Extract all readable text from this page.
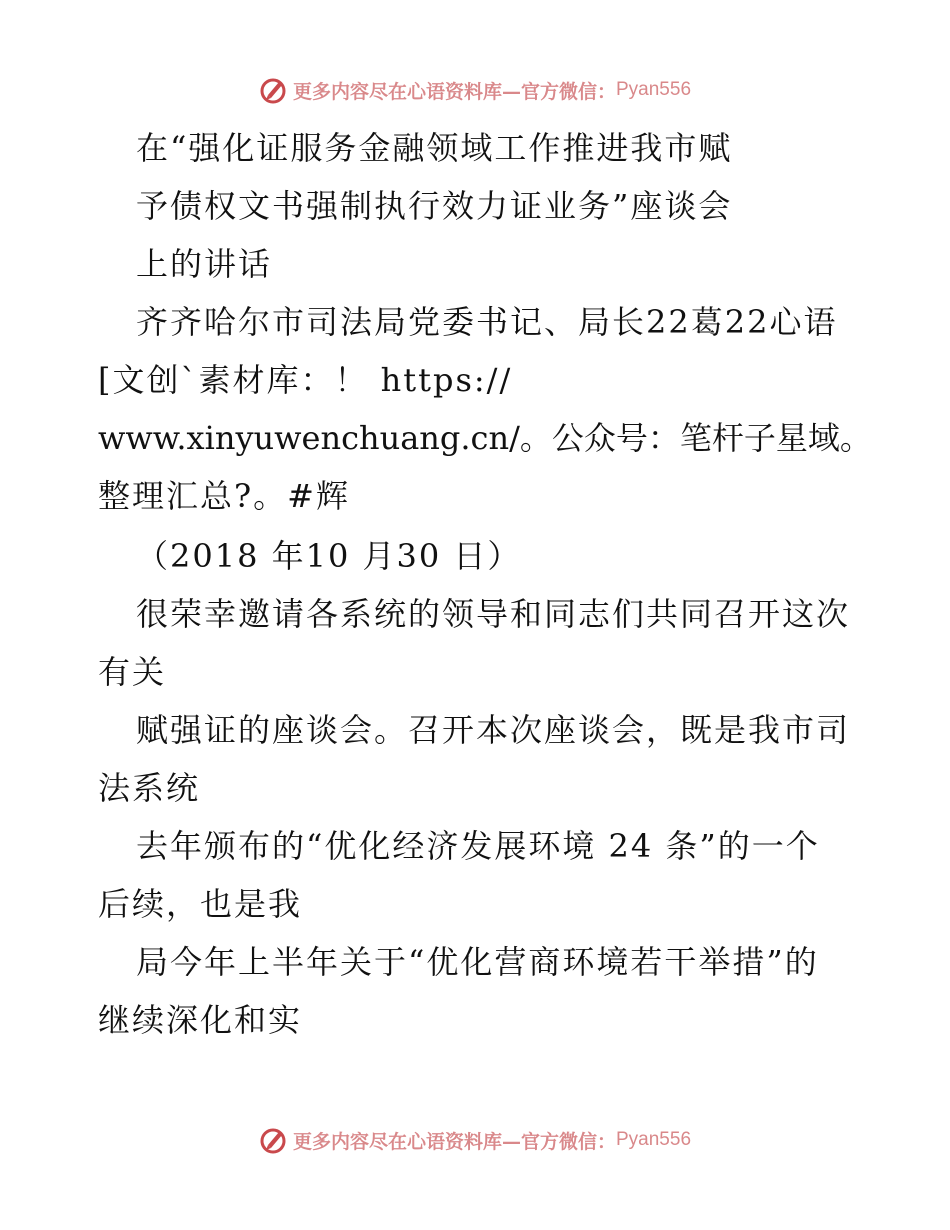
更多内容尽在心语资料库—官方微信： Pyan556
在“强化证服务金融领域工作推进我市赋
予债权文书强制执行效力证业务”座谈会
上的讲话
齐齐哈尔市司法局党委书记、局长22葛22心语
[文创`素材库：！ https://
www.xinyuwenchuang.cn/。公众号：笔杆子星域。
整理汇总?。#辉
（2018 年10 月30 日）
很荣幸邀请各系统的领导和同志们共同召开这次
有关
赋强证的座谈会。召开本次座谈会，既是我市司
法系统
去年颁布的“优化经济发展环境 24 条”的一个
后续，也是我
局今年上半年关于“优化营商环境若干举措”的
继续深化和实
更多内容尽在心语资料库—官方微信： Pyan556
